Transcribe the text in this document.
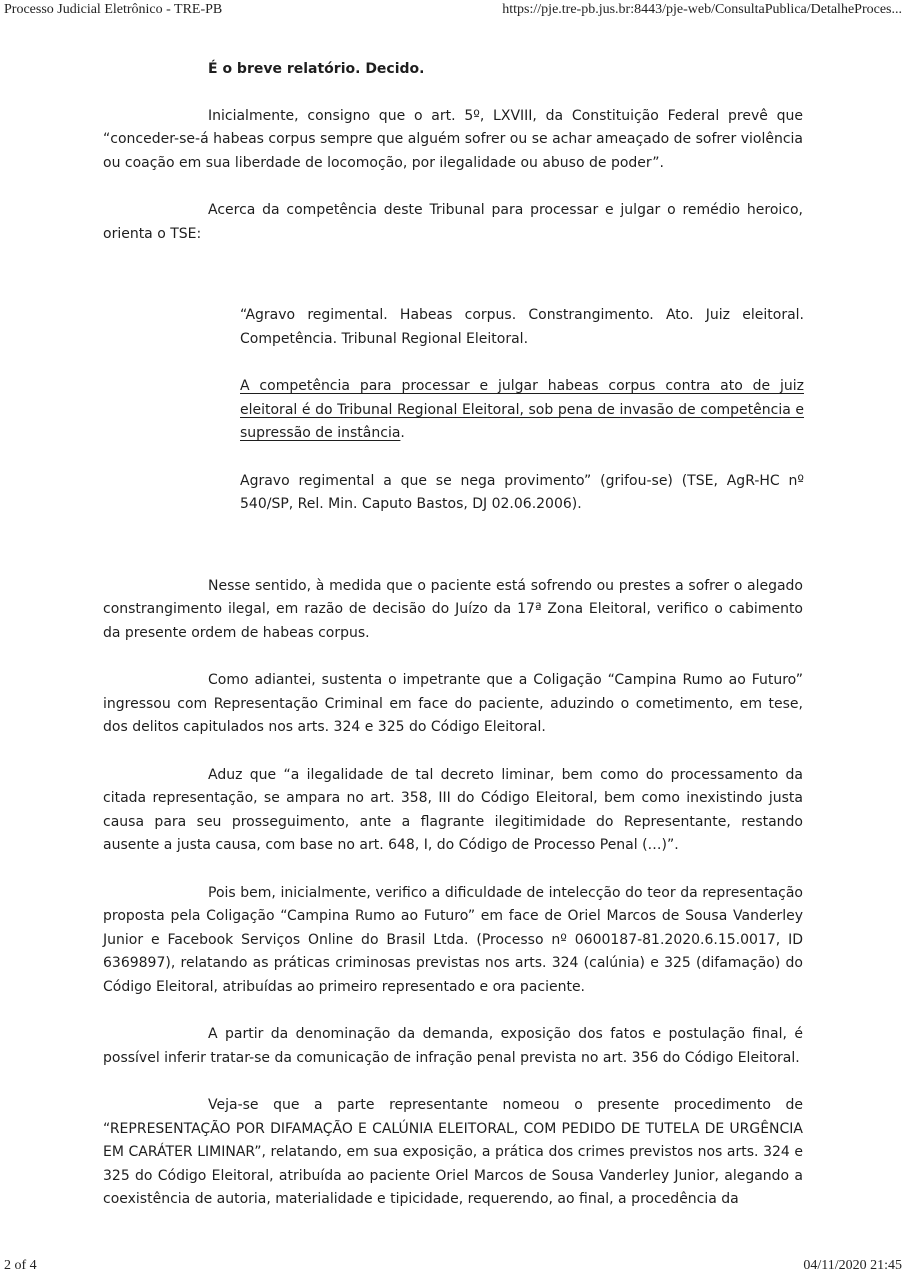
Processo Judicial Eletrônico - TRE-PB	https://pje.tre-pb.jus.br:8443/pje-web/ConsultaPublica/DetalheProces...

É o breve relatório. Decido.

Inicialmente, consigno que o art. 5º, LXVIII, da Constituição Federal prevê que “conceder-se-á habeas corpus sempre que alguém sofrer ou se achar ameaçado de sofrer violência ou coação em sua liberdade de locomoção, por ilegalidade ou abuso de poder”.

Acerca da competência deste Tribunal para processar e julgar o remédio heroico, orienta o TSE:

“Agravo regimental. Habeas corpus. Constrangimento. Ato. Juiz eleitoral. Competência. Tribunal Regional Eleitoral.

A competência para processar e julgar habeas corpus contra ato de juiz eleitoral é do Tribunal Regional Eleitoral, sob pena de invasão de competência e supressão de instância.

Agravo regimental a que se nega provimento” (grifou-se) (TSE, AgR-HC nº 540/SP, Rel. Min. Caputo Bastos, DJ 02.06.2006).

Nesse sentido, à medida que o paciente está sofrendo ou prestes a sofrer o alegado constrangimento ilegal, em razão de decisão do Juízo da 17ª Zona Eleitoral, verifico o cabimento da presente ordem de habeas corpus.

Como adiantei, sustenta o impetrante que a Coligação “Campina Rumo ao Futuro” ingressou com Representação Criminal em face do paciente, aduzindo o cometimento, em tese, dos delitos capitulados nos arts. 324 e 325 do Código Eleitoral.

Aduz que “a ilegalidade de tal decreto liminar, bem como do processamento da citada representação, se ampara no art. 358, III do Código Eleitoral, bem como inexistindo justa causa para seu prosseguimento, ante a flagrante ilegitimidade do Representante, restando ausente a justa causa, com base no art. 648, I, do Código de Processo Penal (…)”.

Pois bem, inicialmente, verifico a dificuldade de intelecção do teor da representação proposta pela Coligação “Campina Rumo ao Futuro” em face de Oriel Marcos de Sousa Vanderley Junior e Facebook Serviços Online do Brasil Ltda. (Processo nº 0600187-81.2020.6.15.0017, ID 6369897), relatando as práticas criminosas previstas nos arts. 324 (calúnia) e 325 (difamação) do Código Eleitoral, atribuídas ao primeiro representado e ora paciente.

A partir da denominação da demanda, exposição dos fatos e postulação final, é possível inferir tratar-se da comunicação de infração penal prevista no art. 356 do Código Eleitoral.

Veja-se que a parte representante nomeou o presente procedimento de “REPRESENTAÇÃO POR DIFAMAÇÃO E CALÚNIA ELEITORAL, COM PEDIDO DE TUTELA DE URGÊNCIA EM CARÁTER LIMINAR”, relatando, em sua exposição, a prática dos crimes previstos nos arts. 324 e 325 do Código Eleitoral, atribuída ao paciente Oriel Marcos de Sousa Vanderley Junior, alegando a coexistência de autoria, materialidade e tipicidade, requerendo, ao final, a procedência da

2 of 4	04/11/2020 21:45
